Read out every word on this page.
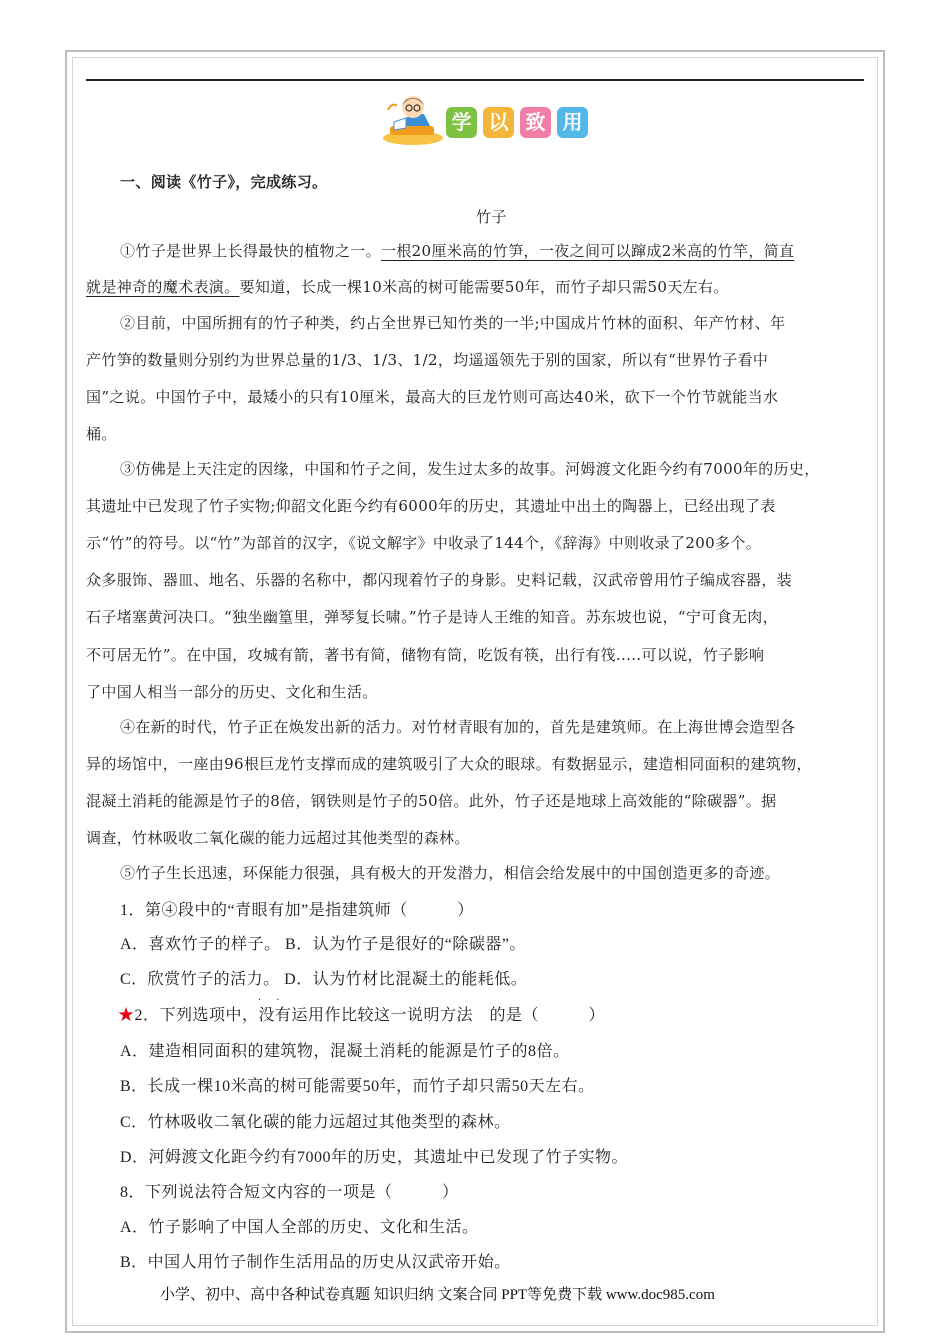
学 以 致 用
一、阅读《竹子》，完成练习。
竹子
①竹子是世界上长得最快的植物之一。一根20厘米高的竹笋，一夜之间可以蹿成2米高的竹竿，简直
就是神奇的魔术表演。要知道，长成一棵10米高的树可能需要50年，而竹子却只需50天左右。
②目前，中国所拥有的竹子种类，约占全世界已知竹类的一半;中国成片竹林的面积、年产竹材、年
产竹笋的数量则分别约为世界总量的1/3、1/3、1/2，均遥遥领先于别的国家，所以有“世界竹子看中
国”之说。中国竹子中，最矮小的只有10厘米，最高大的巨龙竹则可高达40米，砍下一个竹节就能当水
桶。
③仿佛是上天注定的因缘，中国和竹子之间，发生过太多的故事。河姆渡文化距今约有7000年的历史，
其遗址中已发现了竹子实物;仰韶文化距今约有6000年的历史，其遗址中出土的陶器上，已经出现了表
示“竹”的符号。以“竹”为部首的汉字，《说文解字》中收录了144个，《辞海》中则收录了200多个。
众多服饰、器皿、地名、乐器的名称中，都闪现着竹子的身影。史料记载，汉武帝曾用竹子编成容器，装
石子堵塞黄河决口。“独坐幽篁里，弹琴复长啸。”竹子是诗人王维的知音。苏东坡也说，“宁可食无肉，
不可居无竹”。在中国，攻城有箭，著书有简，储物有筒，吃饭有筷，出行有筏.....可以说，竹子影响
了中国人相当一部分的历史、文化和生活。
④在新的时代，竹子正在焕发出新的活力。对竹材青眼有加的，首先是建筑师。在上海世博会造型各
异的场馆中，一座由96根巨龙竹支撑而成的建筑吸引了大众的眼球。有数据显示，建造相同面积的建筑物，
混凝土消耗的能源是竹子的8倍，钢铁则是竹子的50倍。此外，竹子还是地球上高效能的“除碳器”。据
调查，竹林吸收二氧化碳的能力远超过其他类型的森林。
⑤竹子生长迅速，环保能力很强，具有极大的开发潜力，相信会给发展中的中国创造更多的奇迹。
1．第④段中的“青眼有加”是指建筑师（　　　）
A．喜欢竹子的样子。 B．认为竹子是很好的“除碳器”。
C．欣赏竹子的活力。 D．认为竹材比混凝土的能耗低。
· ·
★2．下列选项中，没有运用作比较这一说明方法　的是（　　　）
A．建造相同面积的建筑物，混凝土消耗的能源是竹子的8倍。
B．长成一棵10米高的树可能需要50年，而竹子却只需50天左右。
C．竹林吸收二氧化碳的能力远超过其他类型的森林。
D．河姆渡文化距今约有7000年的历史，其遗址中已发现了竹子实物。
8．下列说法符合短文内容的一项是（　　　）
A．竹子影响了中国人全部的历史、文化和生活。
B．中国人用竹子制作生活用品的历史从汉武帝开始。
小学、初中、高中各种试卷真题 知识归纳 文案合同 PPT等免费下载 www.doc985.com
